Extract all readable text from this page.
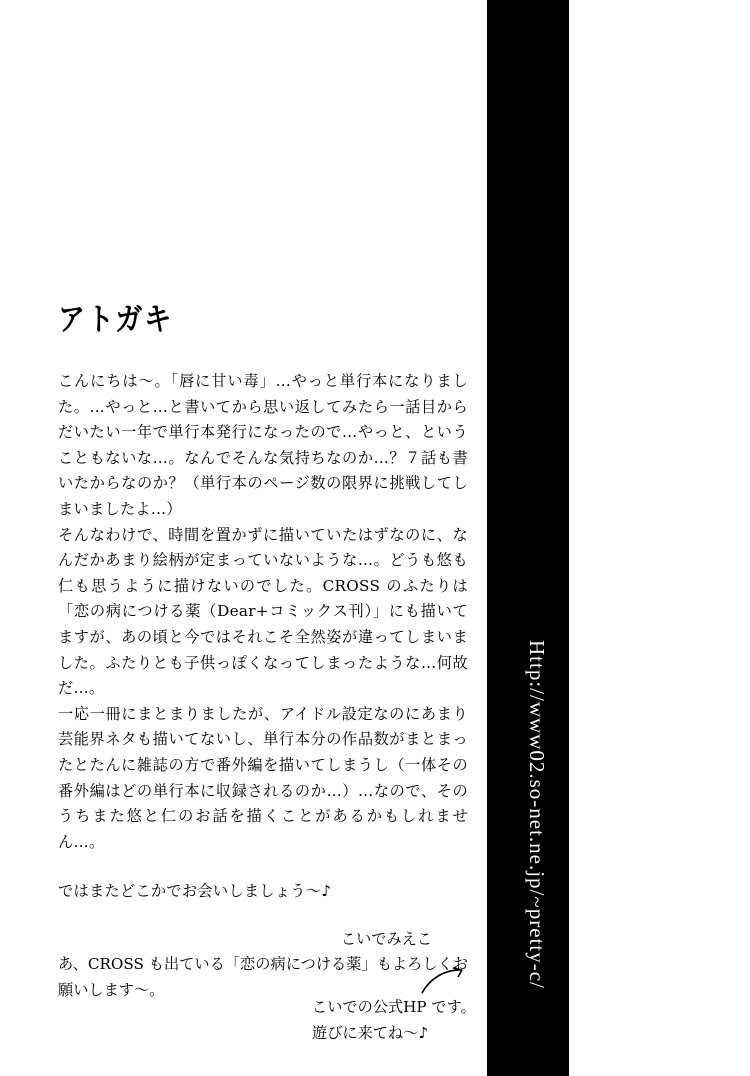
アトガキ

こんにちは〜。「唇に甘い毒」…やっと単行本になりました。…やっと…と書いてから思い返してみたら一話目からだいたい一年で単行本発行になったので…やっと、ということもないな…。なんでそんな気持ちなのか…？７話も書いたからなのか？（単行本のページ数の限界に挑戦してしまいましたよ…）

そんなわけで、時間を置かずに描いていたはずなのに、なんだかあまり絵柄が定まっていないような…。どうも悠も仁も思うように描けないのでした。CROSS のふたりは「恋の病につける薬（Dear+コミックス刊）」にも描いてますが、あの頃と今ではそれこそ全然姿が違ってしまいました。ふたりとも子供っぽくなってしまったような…何故だ…。

一応一冊にまとまりましたが、アイドル設定なのにあまり芸能界ネタも描いてないし、単行本分の作品数がまとまったとたんに雑誌の方で番外編を描いてしまうし（一体その番外編はどの単行本に収録されるのか…）…なので、そのうちまた悠と仁のお話を描くことがあるかもしれません…。

ではまたどこかでお会いしましょう〜♪

こいでみえこ

あ、CROSS も出ている「恋の病につける薬」もよろしくお願いします〜。

こいでの公式HP です。
遊びに来てね〜♪
